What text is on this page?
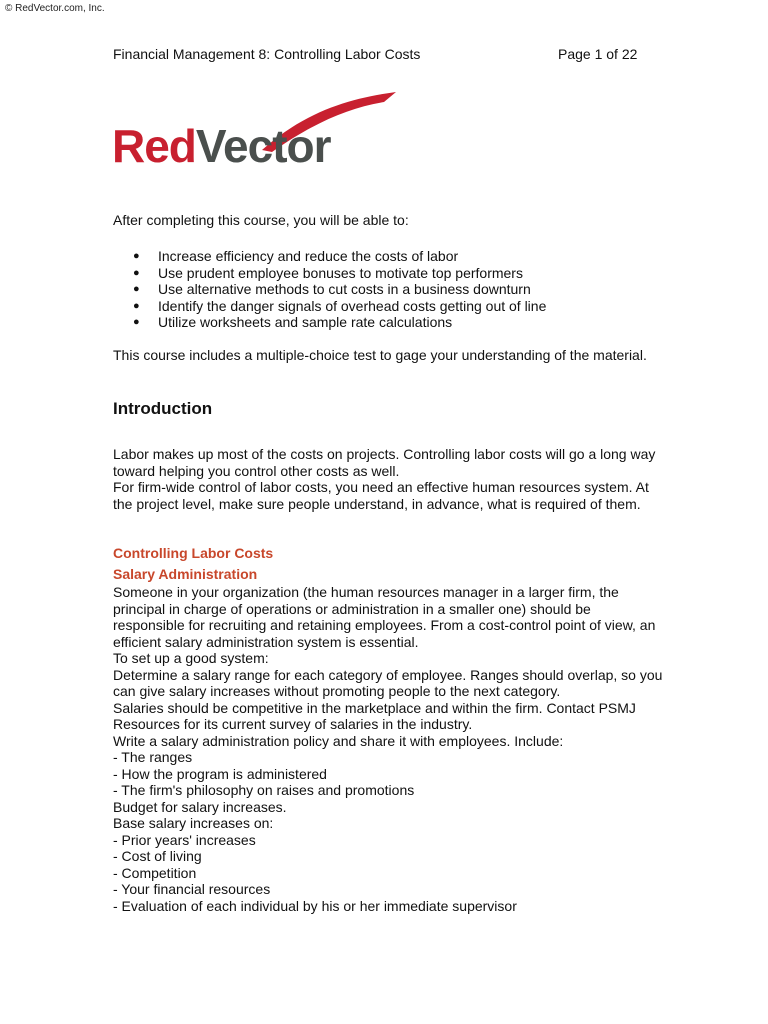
© RedVector.com, Inc.
Financial Management 8: Controlling Labor Costs	Page 1 of 22
RedVector
After completing this course, you will be able to:
● Increase efficiency and reduce the costs of labor
● Use prudent employee bonuses to motivate top performers
● Use alternative methods to cut costs in a business downturn
● Identify the danger signals of overhead costs getting out of line
● Utilize worksheets and sample rate calculations
This course includes a multiple-choice test to gage your understanding of the material.
Introduction
Labor makes up most of the costs on projects. Controlling labor costs will go a long way
toward helping you control other costs as well.
For firm-wide control of labor costs, you need an effective human resources system. At
the project level, make sure people understand, in advance, what is required of them.
Controlling Labor Costs
Salary Administration
Someone in your organization (the human resources manager in a larger firm, the
principal in charge of operations or administration in a smaller one) should be
responsible for recruiting and retaining employees. From a cost-control point of view, an
efficient salary administration system is essential.
To set up a good system:
Determine a salary range for each category of employee. Ranges should overlap, so you
can give salary increases without promoting people to the next category.
Salaries should be competitive in the marketplace and within the firm. Contact PSMJ
Resources for its current survey of salaries in the industry.
Write a salary administration policy and share it with employees. Include:
- The ranges
- How the program is administered
- The firm's philosophy on raises and promotions
Budget for salary increases.
Base salary increases on:
- Prior years' increases
- Cost of living
- Competition
- Your financial resources
- Evaluation of each individual by his or her immediate supervisor
